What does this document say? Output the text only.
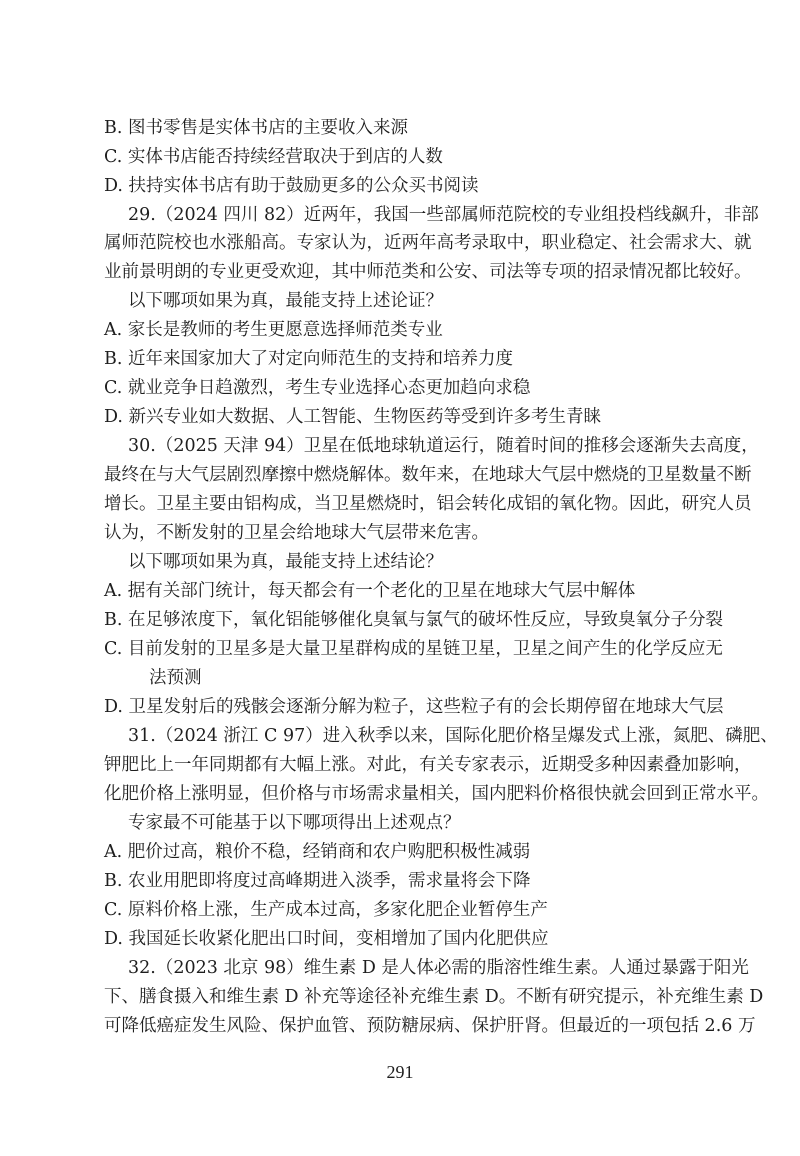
B. 图书零售是实体书店的主要收入来源
C. 实体书店能否持续经营取决于到店的人数
D. 扶持实体书店有助于鼓励更多的公众买书阅读
29.（2024 四川 82）近两年，我国一些部属师范院校的专业组投档线飙升，非部
属师范院校也水涨船高。专家认为，近两年高考录取中，职业稳定、社会需求大、就
业前景明朗的专业更受欢迎，其中师范类和公安、司法等专项的招录情况都比较好。
以下哪项如果为真，最能支持上述论证？
A. 家长是教师的考生更愿意选择师范类专业
B. 近年来国家加大了对定向师范生的支持和培养力度
C. 就业竞争日趋激烈，考生专业选择心态更加趋向求稳
D. 新兴专业如大数据、人工智能、生物医药等受到许多考生青睐
30.（2025 天津 94）卫星在低地球轨道运行，随着时间的推移会逐渐失去高度，
最终在与大气层剧烈摩擦中燃烧解体。数年来，在地球大气层中燃烧的卫星数量不断
增长。卫星主要由铝构成，当卫星燃烧时，铝会转化成铝的氧化物。因此，研究人员
认为，不断发射的卫星会给地球大气层带来危害。
以下哪项如果为真，最能支持上述结论？
A. 据有关部门统计，每天都会有一个老化的卫星在地球大气层中解体
B. 在足够浓度下，氧化铝能够催化臭氧与氯气的破坏性反应，导致臭氧分子分裂
C. 目前发射的卫星多是大量卫星群构成的星链卫星，卫星之间产生的化学反应无
法预测
D. 卫星发射后的残骸会逐渐分解为粒子，这些粒子有的会长期停留在地球大气层
31.（2024 浙江 C 97）进入秋季以来，国际化肥价格呈爆发式上涨，氮肥、磷肥、
钾肥比上一年同期都有大幅上涨。对此，有关专家表示，近期受多种因素叠加影响，
化肥价格上涨明显，但价格与市场需求量相关，国内肥料价格很快就会回到正常水平。
专家最不可能基于以下哪项得出上述观点？
A. 肥价过高，粮价不稳，经销商和农户购肥积极性减弱
B. 农业用肥即将度过高峰期进入淡季，需求量将会下降
C. 原料价格上涨，生产成本过高，多家化肥企业暂停生产
D. 我国延长收紧化肥出口时间，变相增加了国内化肥供应
32.（2023 北京 98）维生素 D 是人体必需的脂溶性维生素。人通过暴露于阳光
下、膳食摄入和维生素 D 补充等途径补充维生素 D。不断有研究提示，补充维生素 D
可降低癌症发生风险、保护血管、预防糖尿病、保护肝肾。但最近的一项包括 2.6 万
291
